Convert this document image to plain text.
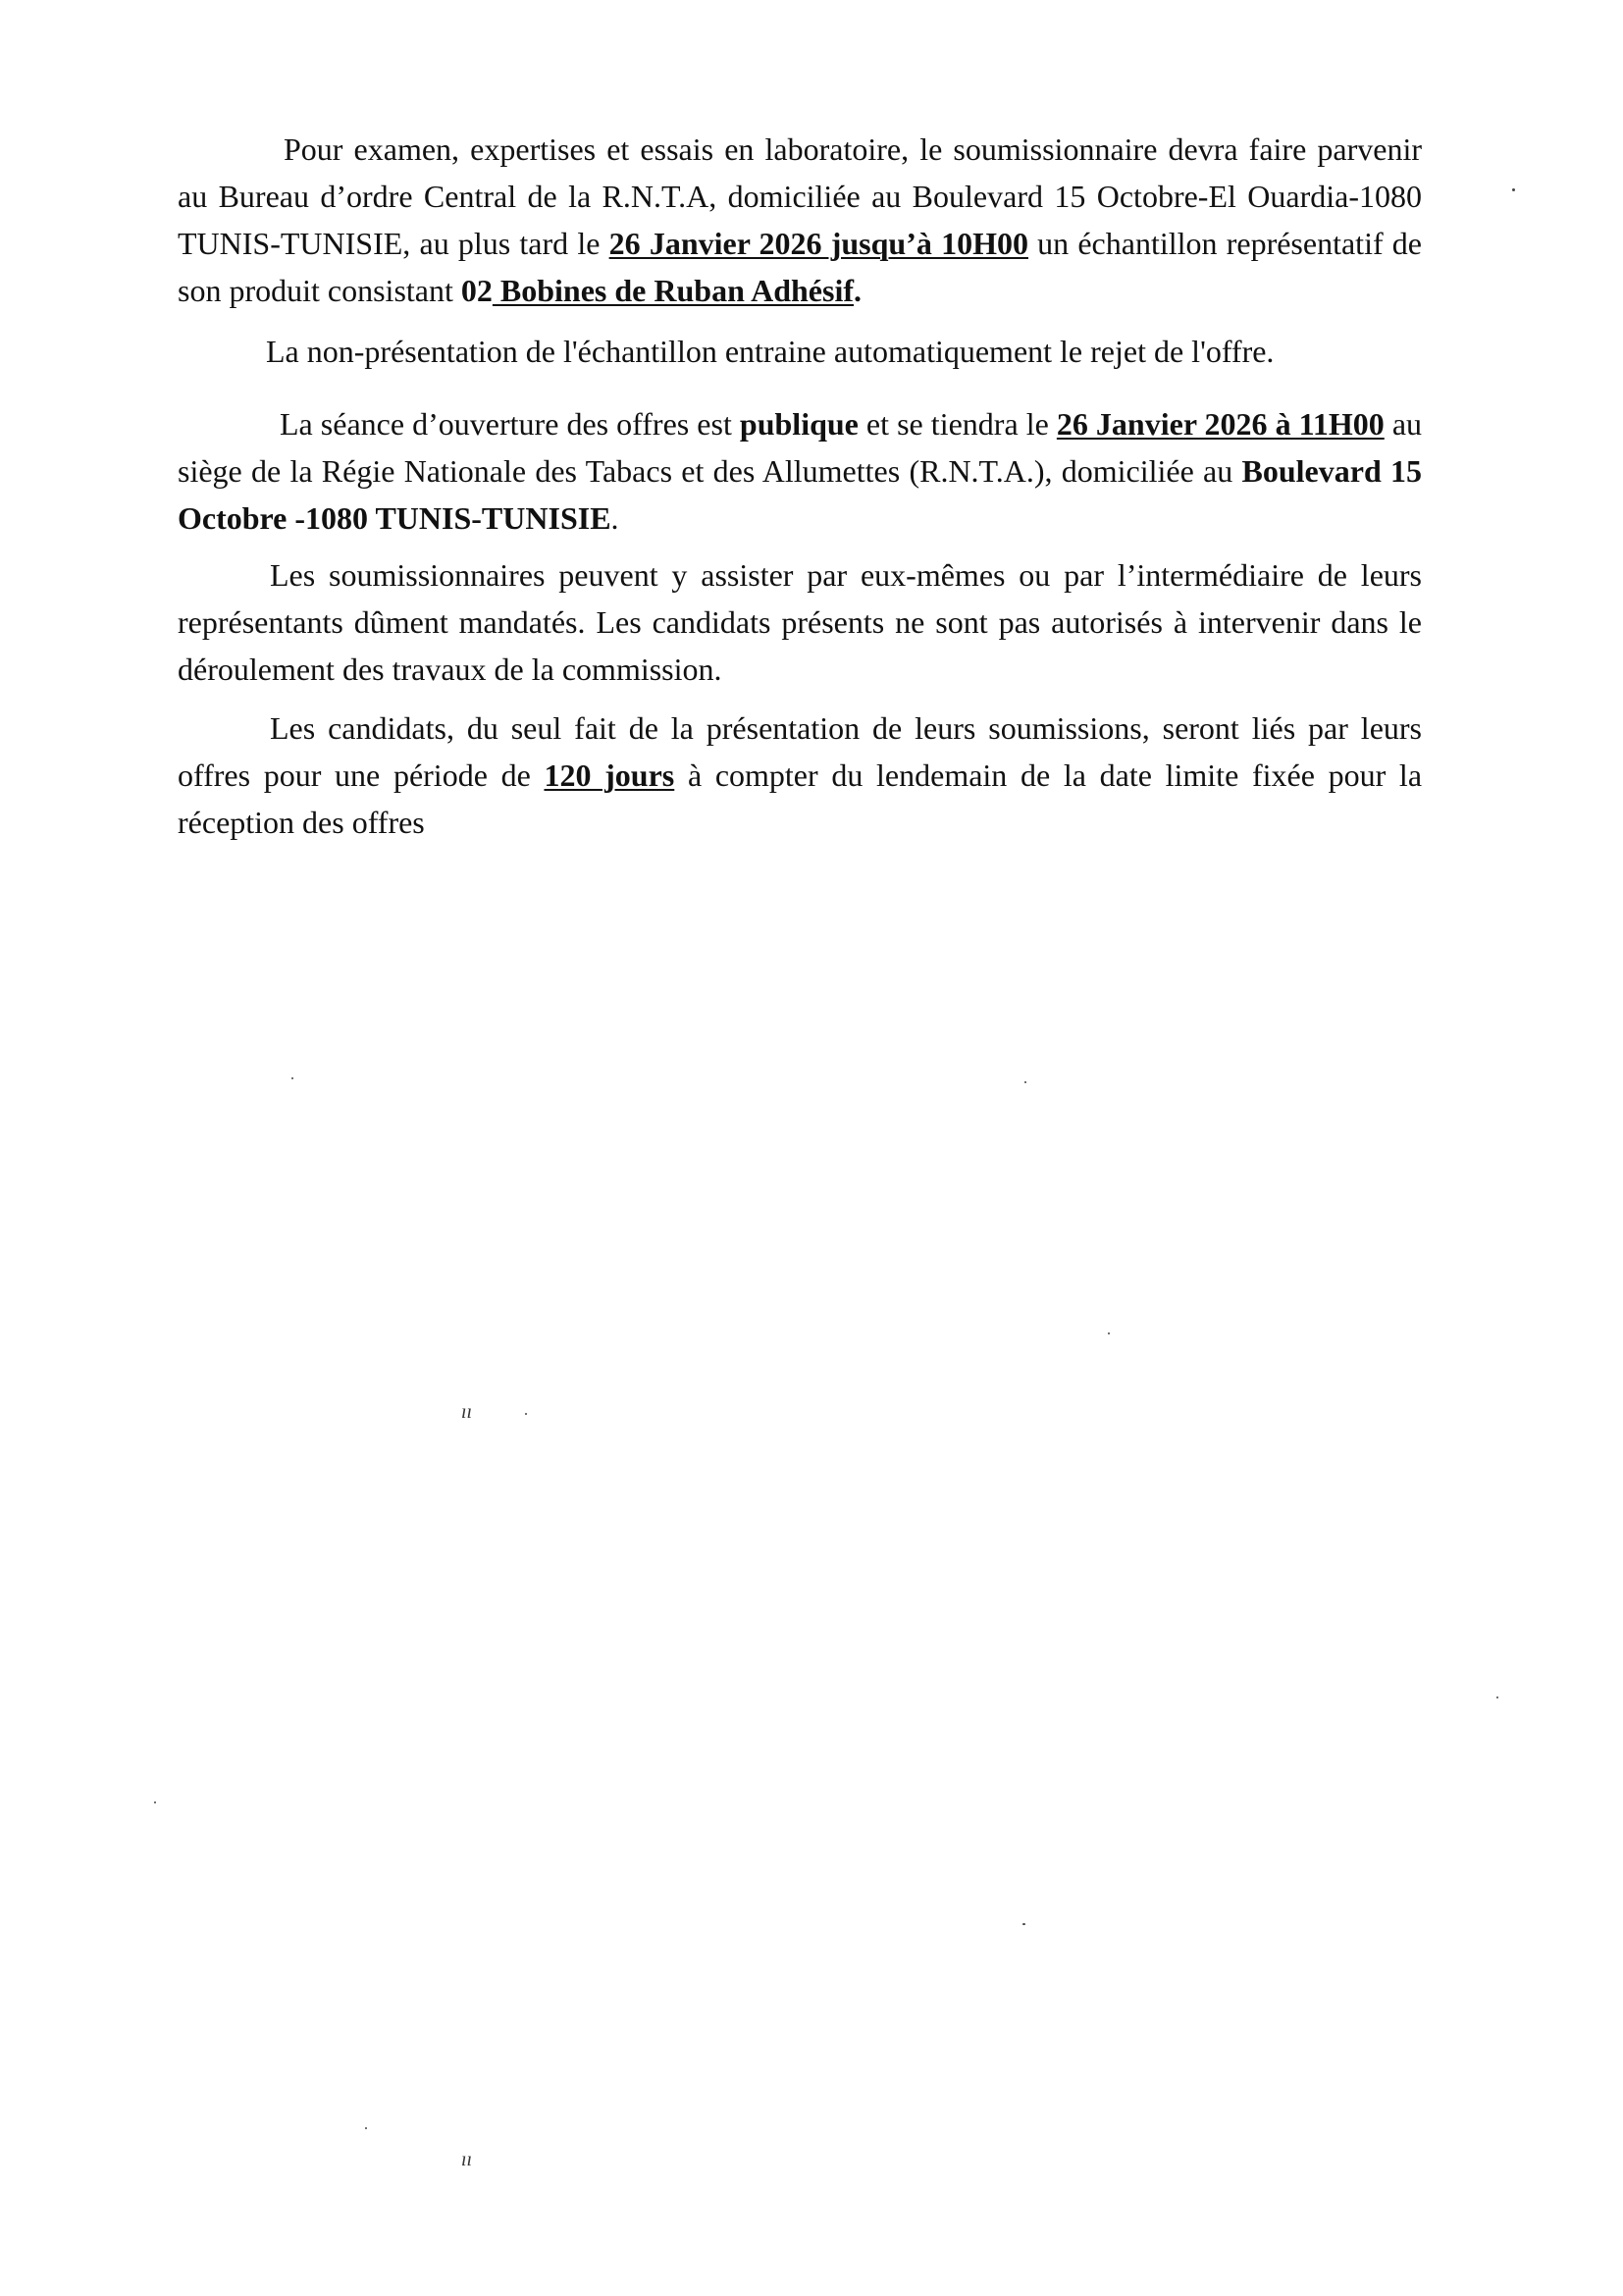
Pour examen, expertises et essais en laboratoire, le soumissionnaire devra faire parvenir au Bureau d’ordre Central de la R.N.T.A, domiciliée au Boulevard 15 Octobre-El Ouardia-1080 TUNIS-TUNISIE, au plus tard le 26 Janvier 2026 jusqu’à 10H00 un échantillon représentatif de son produit consistant 02 Bobines de Ruban Adhésif.

La non-présentation de l'échantillon entraine automatiquement le rejet de l'offre.

La séance d’ouverture des offres est publique et se tiendra le 26 Janvier 2026 à 11H00 au siège de la Régie Nationale des Tabacs et des Allumettes (R.N.T.A.), domiciliée au Boulevard 15 Octobre -1080 TUNIS-TUNISIE.

Les soumissionnaires peuvent y assister par eux-mêmes ou par l’intermédiaire de leurs représentants dûment mandatés. Les candidats présents ne sont pas autorisés à intervenir dans le déroulement des travaux de la commission.

Les candidats, du seul fait de la présentation de leurs soumissions, seront liés par leurs offres pour une période de 120 jours à compter du lendemain de la date limite fixée pour la réception des offres

ıı
ıı
